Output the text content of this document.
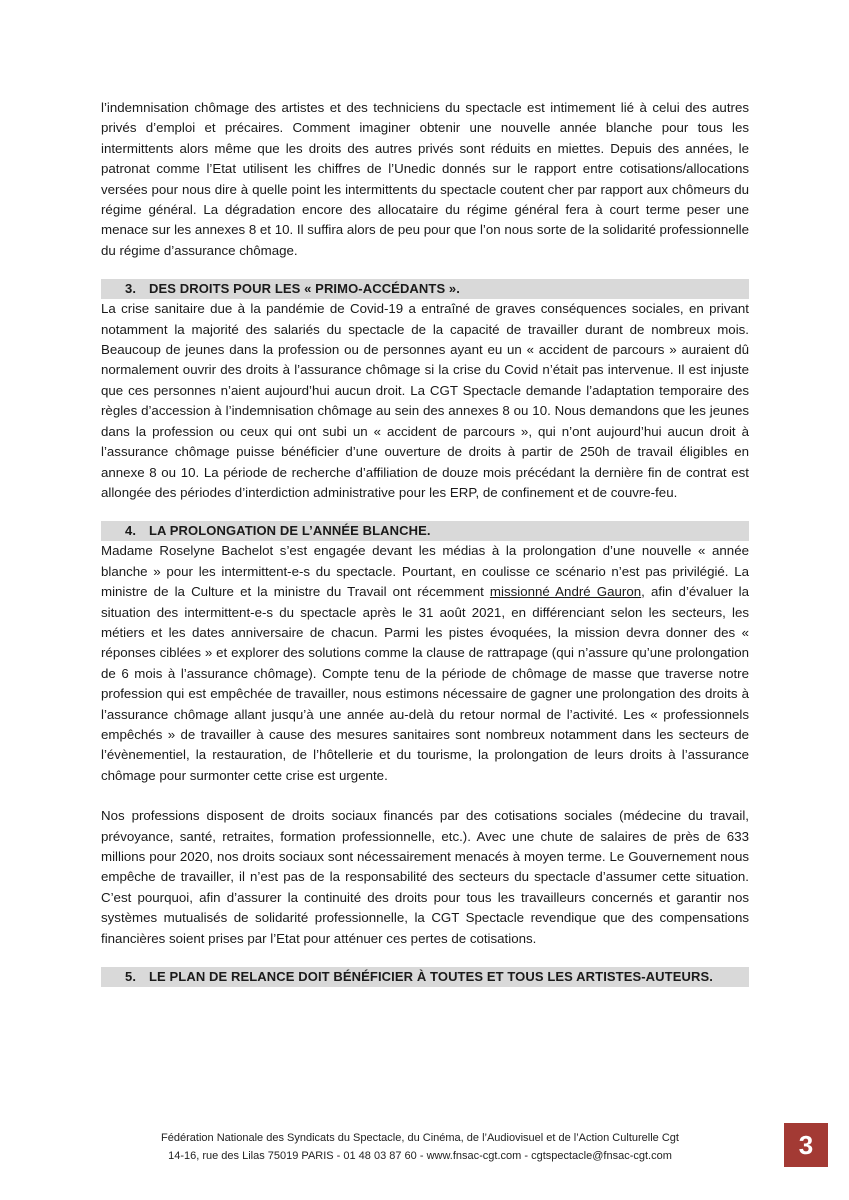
l’indemnisation chômage des artistes et des techniciens du spectacle est intimement lié à celui des autres privés d’emploi et précaires. Comment imaginer obtenir une nouvelle année blanche pour tous les intermittents alors même que les droits des autres privés sont réduits en miettes. Depuis des années, le patronat comme l’Etat utilisent les chiffres de l’Unedic donnés sur le rapport entre cotisations/allocations versées pour nous dire à quelle point les intermittents du spectacle coutent cher par rapport aux chômeurs du régime général. La dégradation encore des allocataire du régime général fera à court terme peser une menace sur les annexes 8 et 10. Il suffira alors de peu pour que l’on nous sorte de la solidarité professionnelle du régime d’assurance chômage.

3. DES DROITS POUR LES « PRIMO-ACCÉDANTS ».

La crise sanitaire due à la pandémie de Covid-19 a entraîné de graves conséquences sociales, en privant notamment la majorité des salariés du spectacle de la capacité de travailler durant de nombreux mois. Beaucoup de jeunes dans la profession ou de personnes ayant eu un « accident de parcours » auraient dû normalement ouvrir des droits à l’assurance chômage si la crise du Covid n’était pas intervenue. Il est injuste que ces personnes n’aient aujourd’hui aucun droit. La CGT Spectacle demande l’adaptation temporaire des règles d’accession à l’indemnisation chômage au sein des annexes 8 ou 10. Nous demandons que les jeunes dans la profession ou ceux qui ont subi un « accident de parcours », qui n’ont aujourd’hui aucun droit à l’assurance chômage puisse bénéficier d’une ouverture de droits à partir de 250h de travail éligibles en annexe 8 ou 10. La période de recherche d’affiliation de douze mois précédant la dernière fin de contrat est allongée des périodes d’interdiction administrative pour les ERP, de confinement et de couvre-feu.

4. LA PROLONGATION DE L’ANNÉE BLANCHE.

Madame Roselyne Bachelot s’est engagée devant les médias à la prolongation d’une nouvelle « année blanche » pour les intermittent-e-s du spectacle. Pourtant, en coulisse ce scénario n’est pas privilégié. La ministre de la Culture et la ministre du Travail ont récemment missionné André Gauron, afin d’évaluer la situation des intermittent-e-s du spectacle après le 31 août 2021, en différenciant selon les secteurs, les métiers et les dates anniversaire de chacun. Parmi les pistes évoquées, la mission devra donner des « réponses ciblées » et explorer des solutions comme la clause de rattrapage (qui n’assure qu’une prolongation de 6 mois à l’assurance chômage). Compte tenu de la période de chômage de masse que traverse notre profession qui est empêchée de travailler, nous estimons nécessaire de gagner une prolongation des droits à l’assurance chômage allant jusqu’à une année au-delà du retour normal de l’activité. Les « professionnels empêchés » de travailler à cause des mesures sanitaires sont nombreux notamment dans les secteurs de l’évènementiel, la restauration, de l’hôtellerie et du tourisme, la prolongation de leurs droits à l’assurance chômage pour surmonter cette crise est urgente.

Nos professions disposent de droits sociaux financés par des cotisations sociales (médecine du travail, prévoyance, santé, retraites, formation professionnelle, etc.). Avec une chute de salaires de près de 633 millions pour 2020, nos droits sociaux sont nécessairement menacés à moyen terme. Le Gouvernement nous empêche de travailler, il n’est pas de la responsabilité des secteurs du spectacle d’assumer cette situation. C’est pourquoi, afin d’assurer la continuité des droits pour tous les travailleurs concernés et garantir nos systèmes mutualisés de solidarité professionnelle, la CGT Spectacle revendique que des compensations financières soient prises par l’Etat pour atténuer ces pertes de cotisations.

5. LE PLAN DE RELANCE DOIT BÉNÉFICIER À TOUTES ET TOUS LES ARTISTES-AUTEURS.
Fédération Nationale des Syndicats du Spectacle, du Cinéma, de l’Audiovisuel et de l’Action Culturelle Cgt
14-16, rue des Lilas 75019 PARIS - 01 48 03 87 60 - www.fnsac-cgt.com - cgtspectacle@fnsac-cgt.com	3
